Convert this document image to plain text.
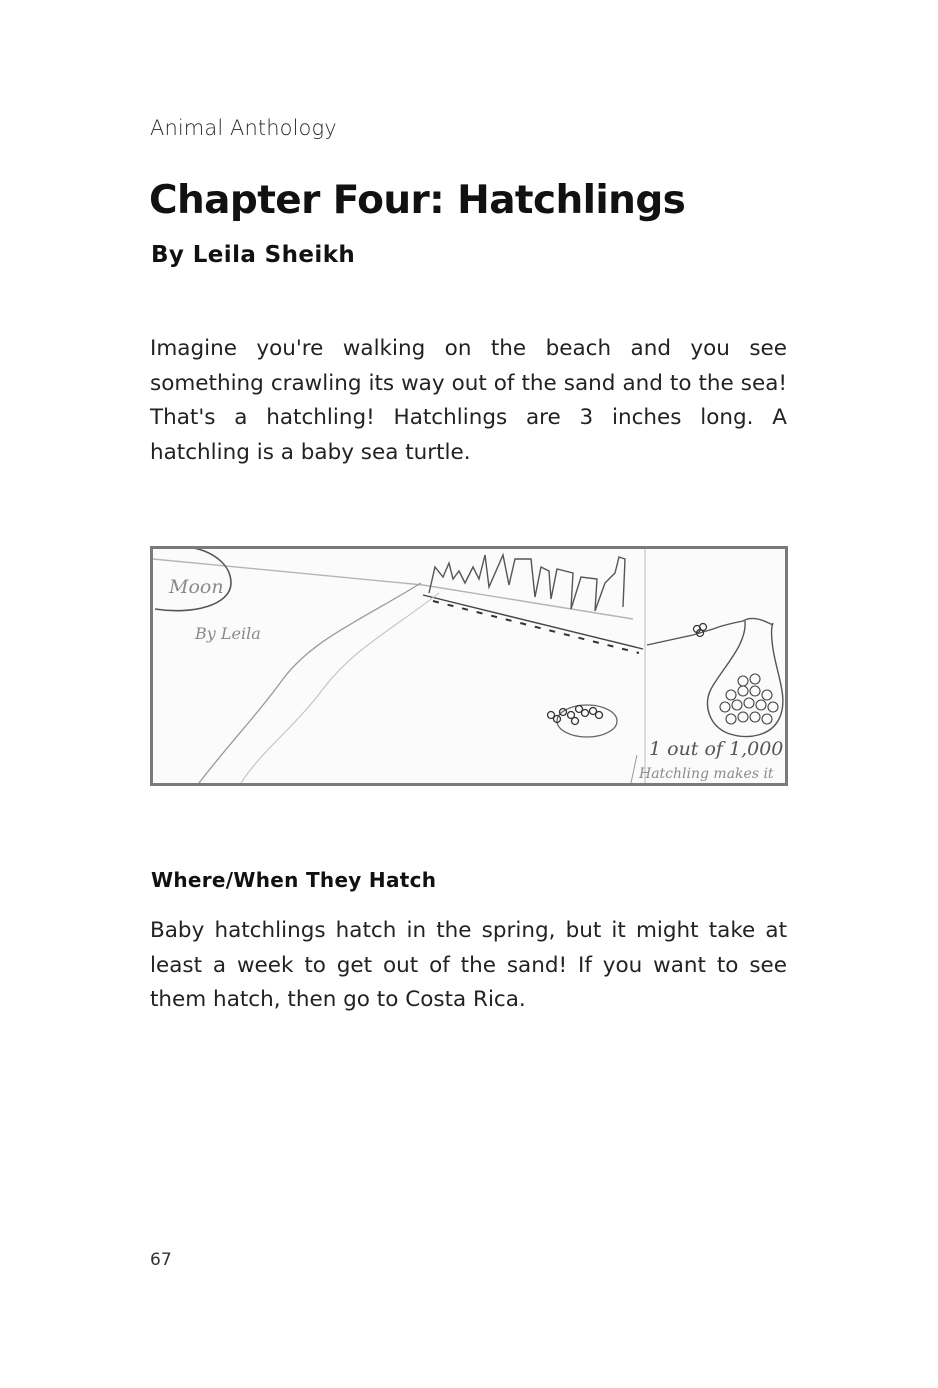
Animal Anthology
Chapter Four: Hatchlings
By Leila Sheikh

Imagine you're walking on the beach and you see something crawling its way out of the sand and to the sea! That's a hatchling! Hatchlings are 3 inches long. A hatchling is a baby sea turtle.

Moon
By Leila
1 out of 1,000
Hatchling makes it
Where/When They Hatch

Baby hatchlings hatch in the spring, but it might take at least a week to get out of the sand! If you want to see them hatch, then go to Costa Rica.

67
